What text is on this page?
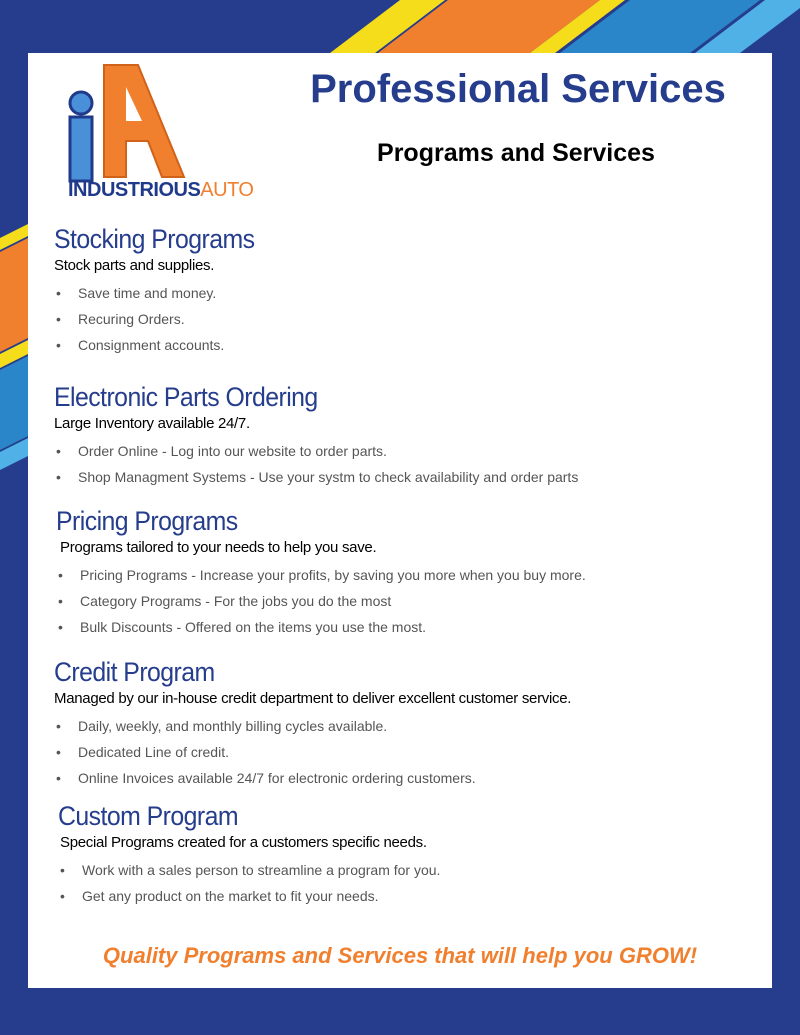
INDUSTRIOUSAUTO
Professional Services
Programs and Services
Stocking Programs

Stock parts and supplies.

• Save time and money.
• Recuring Orders.
• Consignment accounts.
Electronic Parts Ordering

Large Inventory available 24/7.

• Order Online - Log into our website to order parts.
• Shop Managment Systems - Use your systm to check availability and order parts
Pricing Programs

Programs tailored to your needs to help you save.

• Pricing Programs - Increase your profits, by saving you more when you buy more.
• Category Programs - For the jobs you do the most
• Bulk Discounts - Offered on the items you use the most.
Credit Program

Managed by our in-house credit department to deliver excellent customer service.

• Daily, weekly, and monthly billing cycles available.
• Dedicated Line of credit.
• Online Invoices available 24/7 for electronic ordering customers.
Custom Program

Special Programs created for a customers specific needs.

• Work with a sales person to streamline a program for you.
• Get any product on the market to fit your needs.

Quality Programs and Services that will help you GROW!
